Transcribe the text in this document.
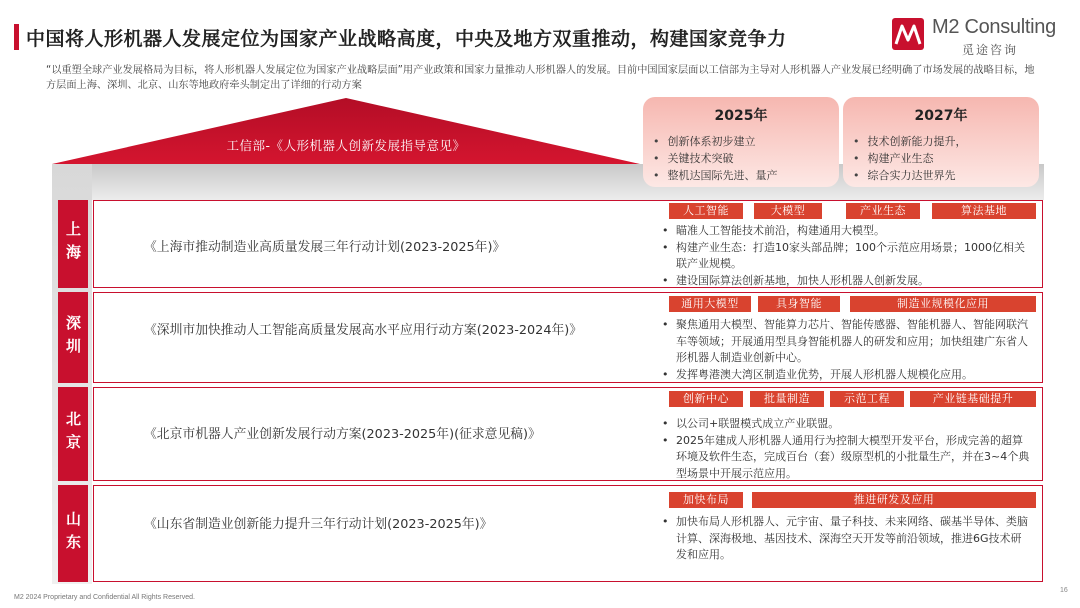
中国将人形机器人发展定位为国家产业战略高度，中央及地方双重推动，构建国家竞争力
M2 Consulting
觅途咨询
“以重塑全球产业发展格局为目标，将人形机器人发展定位为国家产业战略层面”用产业政策和国家力量推动人形机器人的发展。目前中国国家层面以工信部为主导对人形机器人产业发展已经明确了市场发展的战略目标，地方层面上海、深圳、北京、山东等地政府牵头制定出了详细的行动方案
工信部-《人形机器人创新发展指导意见》
2025年
• 创新体系初步建立
• 关键技术突破
• 整机达国际先进、量产
2027年
• 技术创新能力提升，
• 构建产业生态
• 综合实力达世界先
上海	《上海市推动制造业高质量发展三年行动计划(2023-2025年)》
人工智能	大模型	产业生态	算法基地
• 瞄准人工智能技术前沿，构建通用大模型。
• 构建产业生态：打造10家头部品牌；100个示范应用场景；1000亿相关联产业规模。
• 建设国际算法创新基地，加快人形机器人创新发展。
深圳	《深圳市加快推动人工智能高质量发展高水平应用行动方案(2023-2024年)》
通用大模型	具身智能	制造业规模化应用
• 聚焦通用大模型、智能算力芯片、智能传感器、智能机器人、智能网联汽车等领域；开展通用型具身智能机器人的研发和应用；加快组建广东省人形机器人制造业创新中心。
• 发挥粤港澳大湾区制造业优势，开展人形机器人规模化应用。
北京	《北京市机器人产业创新发展行动方案(2023-2025年)(征求意见稿)》
创新中心	批量制造	示范工程	产业链基础提升
• 以公司+联盟模式成立产业联盟。
• 2025年建成人形机器人通用行为控制大模型开发平台，形成完善的超算环境及软件生态，完成百台（套）级原型机的小批量生产，并在3~4个典型场景中开展示范应用。
山东	《山东省制造业创新能力提升三年行动计划(2023-2025年)》
加快布局	推进研发及应用
• 加快布局人形机器人、元宇宙、量子科技、未来网络、碳基半导体、类脑计算、深海极地、基因技术、深海空天开发等前沿领域，推进6G技术研发和应用。
M2 2024 Proprietary and Confidential All Rights Reserved.
16
